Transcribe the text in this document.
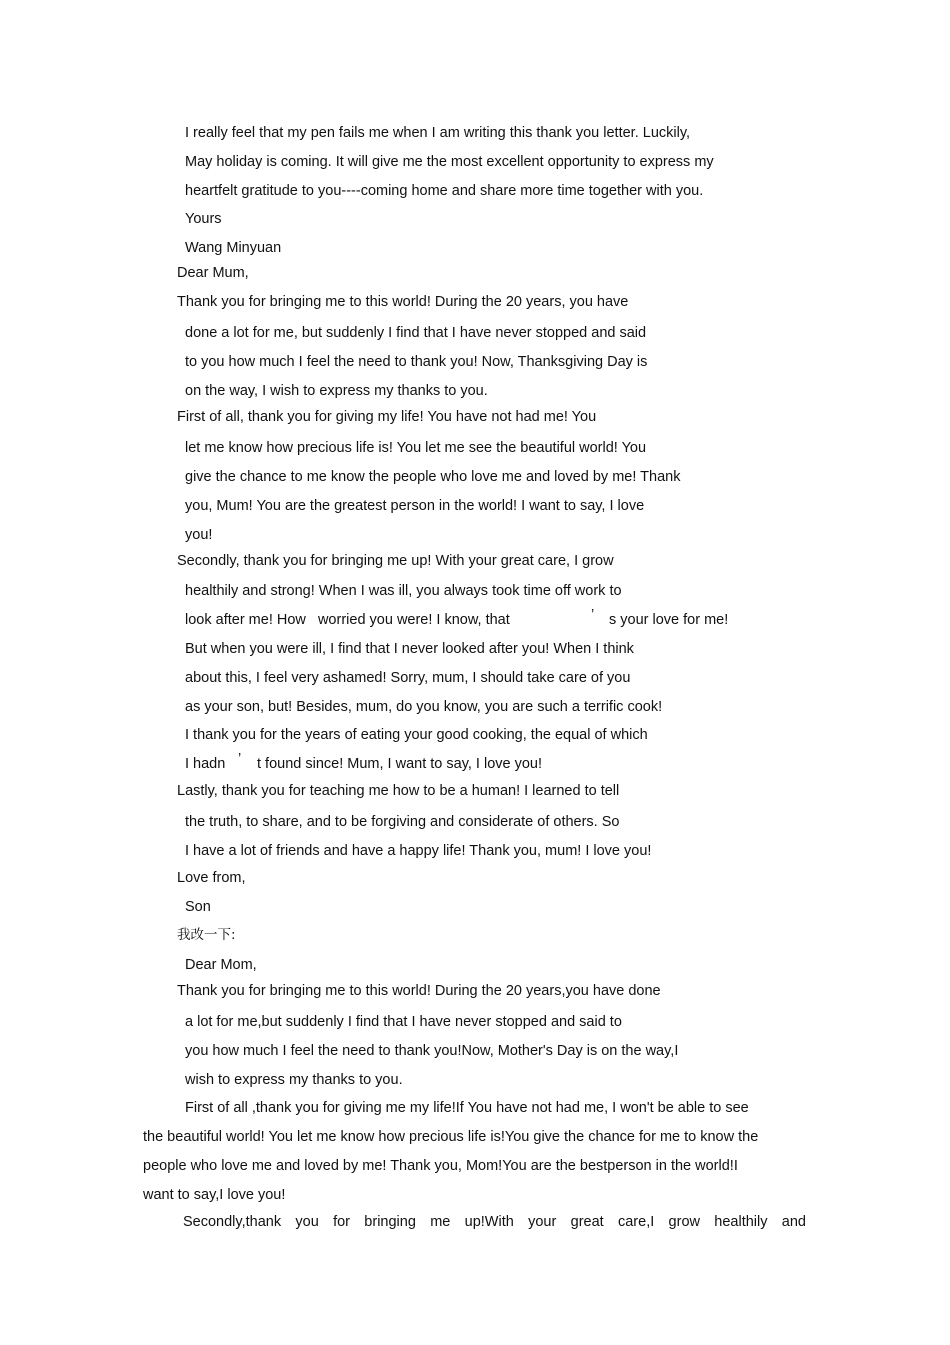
I really feel that my pen fails me when I am writing this thank you letter. Luckily,
May holiday is coming. It will give me the most excellent opportunity to express my
heartfelt gratitude to you----coming home and share more time together with you.
Yours
Wang Minyuan
Dear Mum,
Thank you for bringing me to this world! During the 20 years, you have
done a lot for me, but suddenly I find that I have never stopped and said
to you how much I feel the need to thank you! Now, Thanksgiving Day is
on the way, I wish to express my thanks to you.
First of all, thank you for giving my life! You have not had me! You
let me know how precious life is! You let me see the beautiful world! You
give the chance to me know the people who love me and loved by me! Thank
you, Mum! You are the greatest person in the world! I want to say, I love
you!
Secondly, thank you for bringing me up! With your great care, I grow
healthily and strong! When I was ill, you always took time off work to
look after me! How   worried you were! I know, that	’ s your love for me!
But when you were ill, I find that I never looked after you! When I think
about this, I feel very ashamed! Sorry, mum, I should take care of you
as your son, but! Besides, mum, do you know, you are such a terrific cook!
I thank you for the years of eating your good cooking, the equal of which
I hadn ’ t found since! Mum, I want to say, I love you!
Lastly, thank you for teaching me how to be a human! I learned to tell
the truth, to share, and to be forgiving and considerate of others. So
I have a lot of friends and have a happy life! Thank you, mum! I love you!
Love from,
Son
我改一下:
Dear Mom,
Thank you for bringing me to this world! During the 20 years,you have done
a lot for me,but suddenly I find that I have never stopped and said to
you how much I feel the need to thank you!Now, Mother's Day is on the way,I
wish to express my thanks to you.
First of all ,thank you for giving me my life!If You have not had me, I won't be able to see
the beautiful world! You let me know how precious life is!You give the chance for me to know the
people who love me and loved by me! Thank you, Mom!You are the bestperson in the world!I
want to say,I love you!
Secondly,thank you for bringing me up!With your great care,I grow healthily and
